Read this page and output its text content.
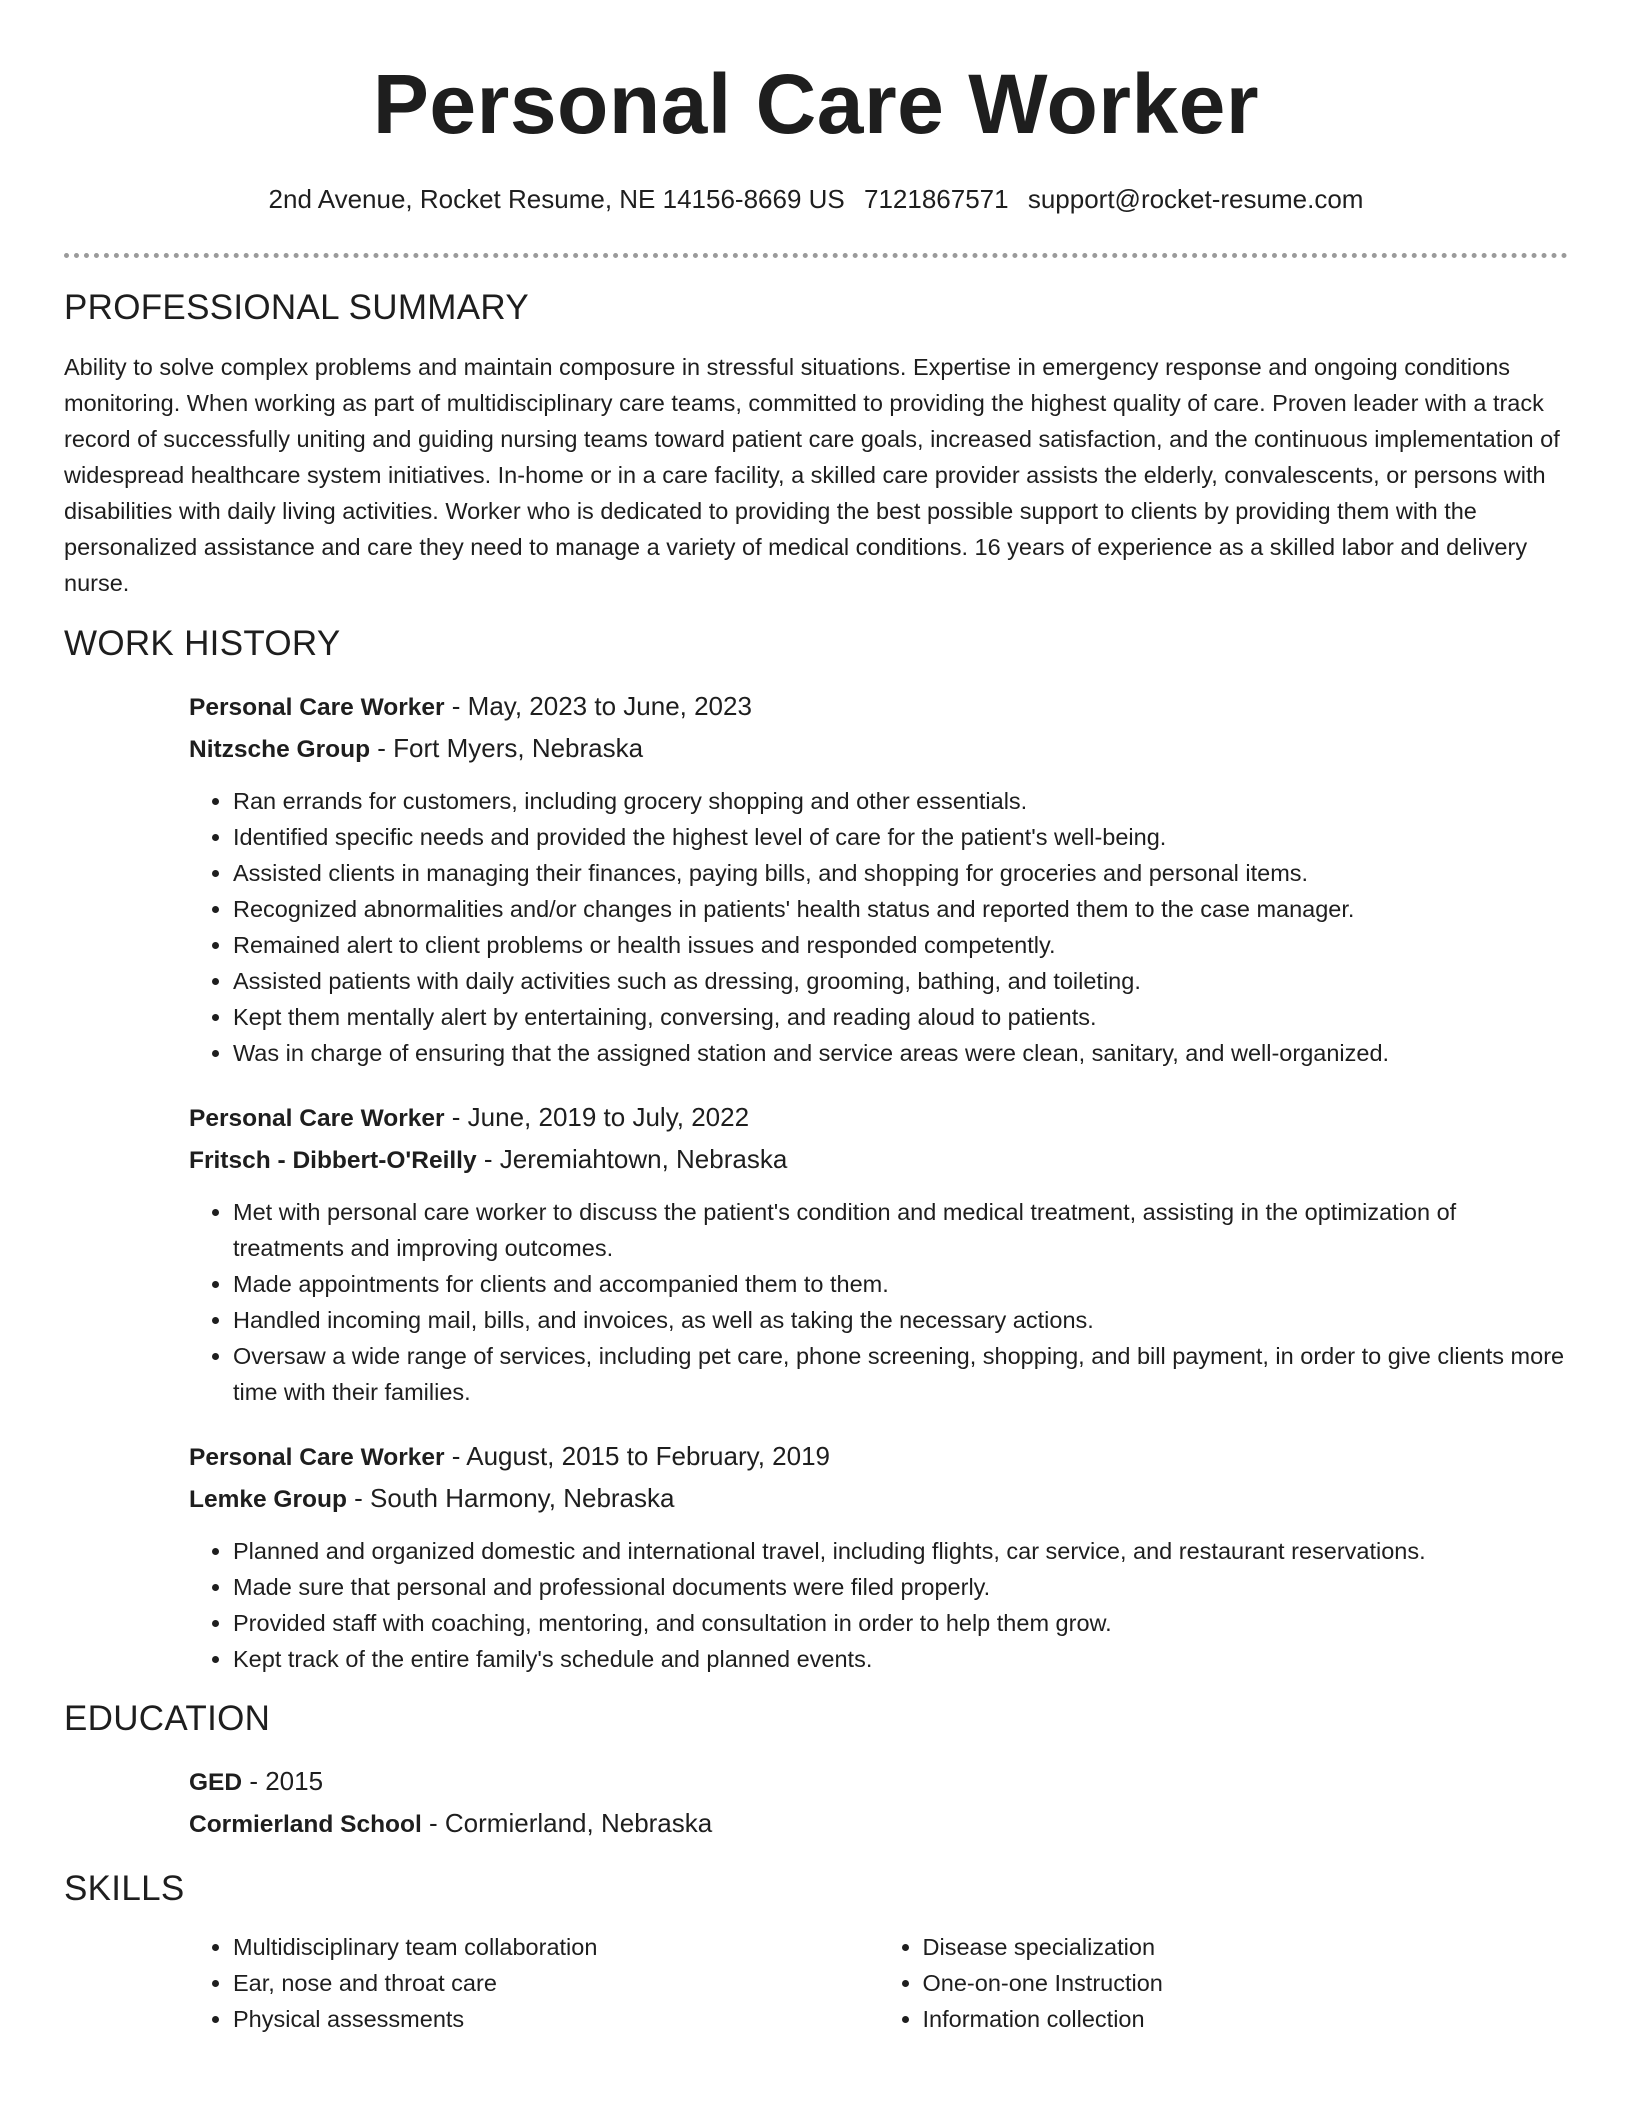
Personal Care Worker
2nd Avenue, Rocket Resume, NE 14156-8669 US 7121867571 support@rocket-resume.com
PROFESSIONAL SUMMARY

Ability to solve complex problems and maintain composure in stressful situations. Expertise in emergency response and ongoing conditions monitoring. When working as part of multidisciplinary care teams, committed to providing the highest quality of care. Proven leader with a track record of successfully uniting and guiding nursing teams toward patient care goals, increased satisfaction, and the continuous implementation of widespread healthcare system initiatives. In-home or in a care facility, a skilled care provider assists the elderly, convalescents, or persons with disabilities with daily living activities. Worker who is dedicated to providing the best possible support to clients by providing them with the personalized assistance and care they need to manage a variety of medical conditions. 16 years of experience as a skilled labor and delivery nurse.

WORK HISTORY
Personal Care Worker - May, 2023 to June, 2023
Nitzsche Group - Fort Myers, Nebraska
• Ran errands for customers, including grocery shopping and other essentials.
• Identified specific needs and provided the highest level of care for the patient's well-being.
• Assisted clients in managing their finances, paying bills, and shopping for groceries and personal items.
• Recognized abnormalities and/or changes in patients' health status and reported them to the case manager.
• Remained alert to client problems or health issues and responded competently.
• Assisted patients with daily activities such as dressing, grooming, bathing, and toileting.
• Kept them mentally alert by entertaining, conversing, and reading aloud to patients.
• Was in charge of ensuring that the assigned station and service areas were clean, sanitary, and well-organized.
Personal Care Worker - June, 2019 to July, 2022
Fritsch - Dibbert-O'Reilly - Jeremiahtown, Nebraska
• Met with personal care worker to discuss the patient's condition and medical treatment, assisting in the optimization of treatments and improving outcomes.
• Made appointments for clients and accompanied them to them.
• Handled incoming mail, bills, and invoices, as well as taking the necessary actions.
• Oversaw a wide range of services, including pet care, phone screening, shopping, and bill payment, in order to give clients more time with their families.
Personal Care Worker - August, 2015 to February, 2019
Lemke Group - South Harmony, Nebraska
• Planned and organized domestic and international travel, including flights, car service, and restaurant reservations.
• Made sure that personal and professional documents were filed properly.
• Provided staff with coaching, mentoring, and consultation in order to help them grow.
• Kept track of the entire family's schedule and planned events.
EDUCATION
GED - 2015
Cormierland School - Cormierland, Nebraska
SKILLS
• Multidisciplinary team collaboration
• Ear, nose and throat care
• Physical assessments
• Disease specialization
• One-on-one Instruction
• Information collection
